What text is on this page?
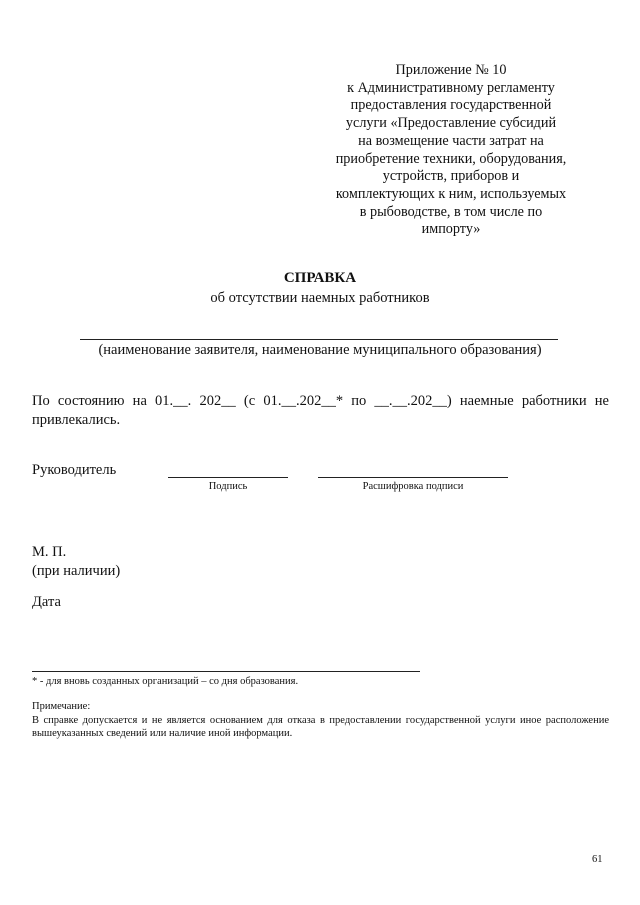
Приложение № 10
к Административному регламенту
предоставления государственной
услуги «Предоставление субсидий
на возмещение части затрат на
приобретение техники, оборудования,
устройств, приборов и
комплектующих к ним, используемых
в рыбоводстве, в том числе по
импорту»
СПРАВКА
об отсутствии наемных работников
(наименование заявителя, наименование муниципального образования)
По состоянию на 01.__. 202__ (с 01.__.202__* по __.__.202__) наемные работники не привлекались.
Руководитель
Подпись	Расшифровка подписи
М. П.
(при наличии)
Дата
* - для вновь созданных организаций – со дня образования.
Примечание:
В справке допускается и не является основанием для отказа в предоставлении государственной услуги иное расположение вышеуказанных сведений или наличие иной информации.
61
